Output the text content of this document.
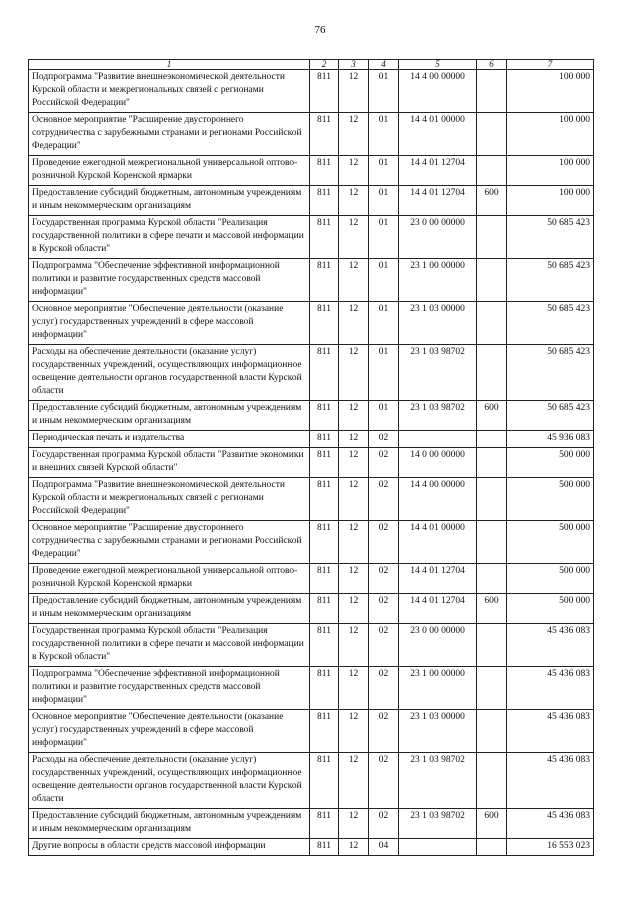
76
1	2	3	4	5	6	7
Подпрограмма "Развитие внешнеэкономической деятельности Курской области и межрегиональных связей с регионами Российской Федерации"	811	12	01	14 4 00 00000		100 000
Основное мероприятие "Расширение двустороннего сотрудничества с зарубежными странами и регионами Российской Федерации"	811	12	01	14 4 01 00000		100 000
Проведение ежегодной межрегиональной универсальной оптово-розничной Курской Коренской ярмарки	811	12	01	14 4 01 12704		100 000
Предоставление субсидий бюджетным, автономным учреждениям и иным некоммерческим организациям	811	12	01	14 4 01 12704	600	100 000
Государственная программа Курской области "Реализация государственной политики в сфере печати и массовой информации в Курской области"	811	12	01	23 0 00 00000		50 685 423
Подпрограмма "Обеспечение эффективной информационной политики и развитие государственных средств массовой информации"	811	12	01	23 1 00 00000		50 685 423
Основное мероприятие "Обеспечение деятельности (оказание услуг) государственных учреждений в сфере массовой информации"	811	12	01	23 1 03 00000		50 685 423
Расходы на обеспечение деятельности (оказание услуг) государственных учреждений, осуществляющих информационное освещение деятельности органов государственной власти Курской области	811	12	01	23 1 03 98702		50 685 423
Предоставление субсидий бюджетным, автономным учреждениям и иным некоммерческим организациям	811	12	01	23 1 03 98702	600	50 685 423
Периодическая печать и издательства	811	12	02			45 936 083
Государственная программа Курской области "Развитие экономики и внешних связей Курской области"	811	12	02	14 0 00 00000		500 000
Подпрограмма "Развитие внешнеэкономической деятельности Курской области и межрегиональных связей с регионами Российской Федерации"	811	12	02	14 4 00 00000		500 000
Основное мероприятие "Расширение двустороннего сотрудничества с зарубежными странами и регионами Российской Федерации"	811	12	02	14 4 01 00000		500 000
Проведение ежегодной межрегиональной универсальной оптово-розничной Курской Коренской ярмарки	811	12	02	14 4 01 12704		500 000
Предоставление субсидий бюджетным, автономным учреждениям и иным некоммерческим организациям	811	12	02	14 4 01 12704	600	500 000
Государственная программа Курской области "Реализация государственной политики в сфере печати и массовой информации в Курской области"	811	12	02	23 0 00 00000		45 436 083
Подпрограмма "Обеспечение эффективной информационной политики и развитие государственных средств массовой информации"	811	12	02	23 1 00 00000		45 436 083
Основное мероприятие "Обеспечение деятельности (оказание услуг) государственных учреждений в сфере массовой информации"	811	12	02	23 1 03 00000		45 436 083
Расходы на обеспечение деятельности (оказание услуг) государственных учреждений, осуществляющих информационное освещение деятельности органов государственной власти Курской области	811	12	02	23 1 03 98702		45 436 083
Предоставление субсидий бюджетным, автономным учреждениям и иным некоммерческим организациям	811	12	02	23 1 03 98702	600	45 436 083
Другие вопросы в области средств массовой информации	811	12	04			16 553 023
